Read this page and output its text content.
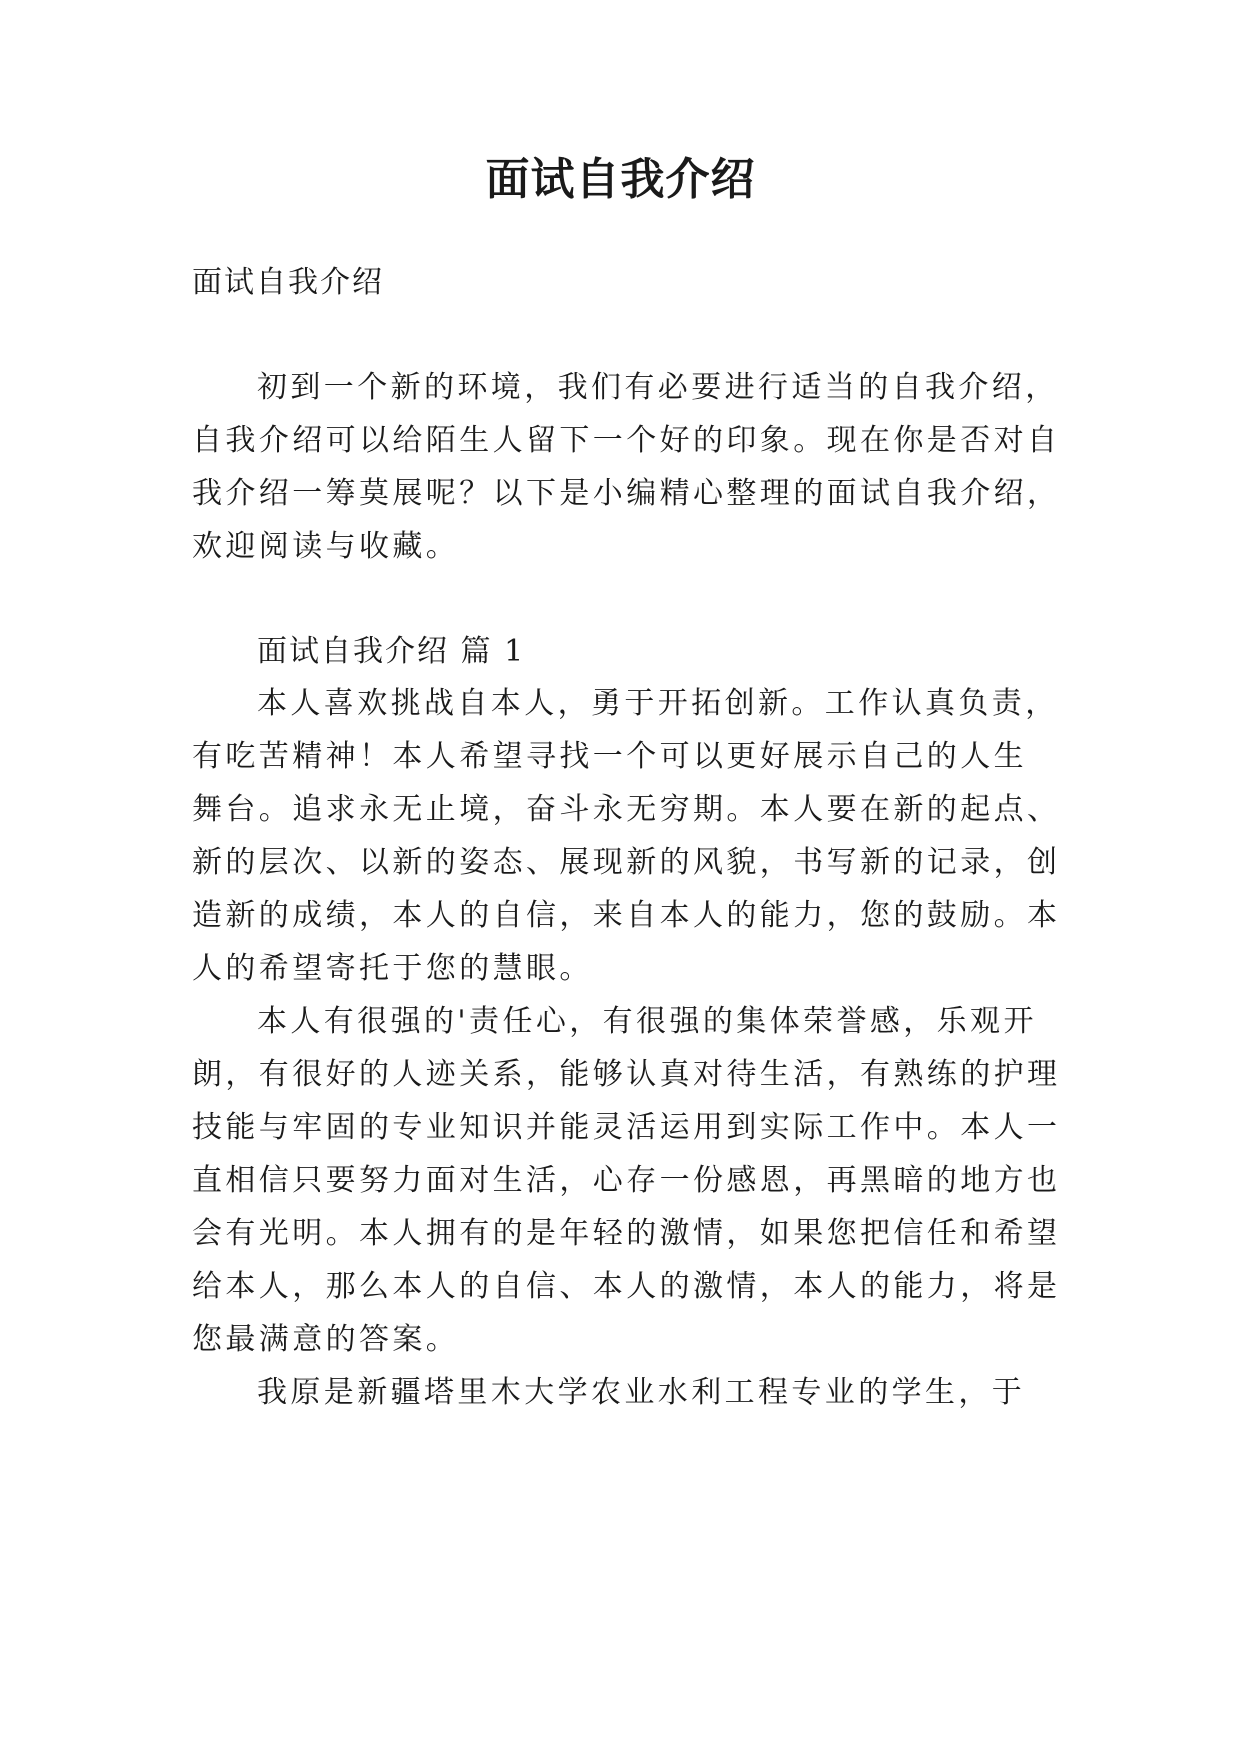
面试自我介绍
面试自我介绍
初到一个新的环境，我们有必要进行适当的自我介绍，
自我介绍可以给陌生人留下一个好的印象。现在你是否对自
我介绍一筹莫展呢？以下是小编精心整理的面试自我介绍，
欢迎阅读与收藏。
面试自我介绍 篇 1
本人喜欢挑战自本人，勇于开拓创新。工作认真负责，
有吃苦精神！本人希望寻找一个可以更好展示自己的人生
舞台。追求永无止境，奋斗永无穷期。本人要在新的起点、
新的层次、以新的姿态、展现新的风貌，书写新的记录，创
造新的成绩，本人的自信，来自本人的能力，您的鼓励。本
人的希望寄托于您的慧眼。
本人有很强的'责任心，有很强的集体荣誉感，乐观开
朗，有很好的人迹关系，能够认真对待生活，有熟练的护理
技能与牢固的专业知识并能灵活运用到实际工作中。本人一
直相信只要努力面对生活，心存一份感恩，再黑暗的地方也
会有光明。本人拥有的是年轻的激情，如果您把信任和希望
给本人，那么本人的自信、本人的激情，本人的能力，将是
您最满意的答案。
我原是新疆塔里木大学农业水利工程专业的学生，于
